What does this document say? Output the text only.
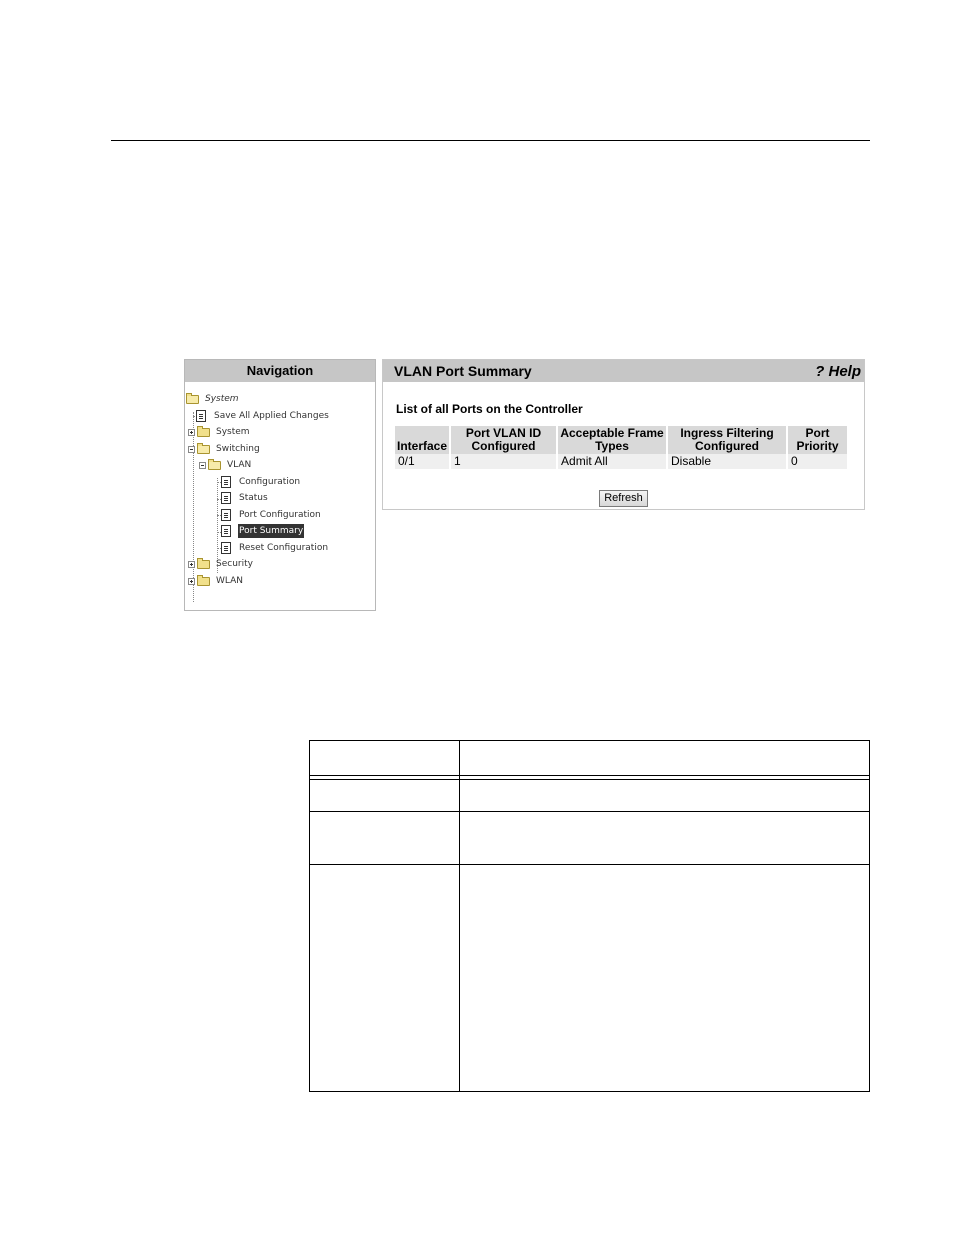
Navigation
System
Save All Applied Changes
System
Switching
VLAN
Configuration
Status
Port Configuration
Port Summary
Reset Configuration
Security
WLAN
VLAN Port Summary	? Help
List of all Ports on the Controller
Interface	Port VLAN ID Configured	Acceptable Frame Types	Ingress Filtering Configured	Port Priority
0/1	1	Admit All	Disable	0
Refresh
